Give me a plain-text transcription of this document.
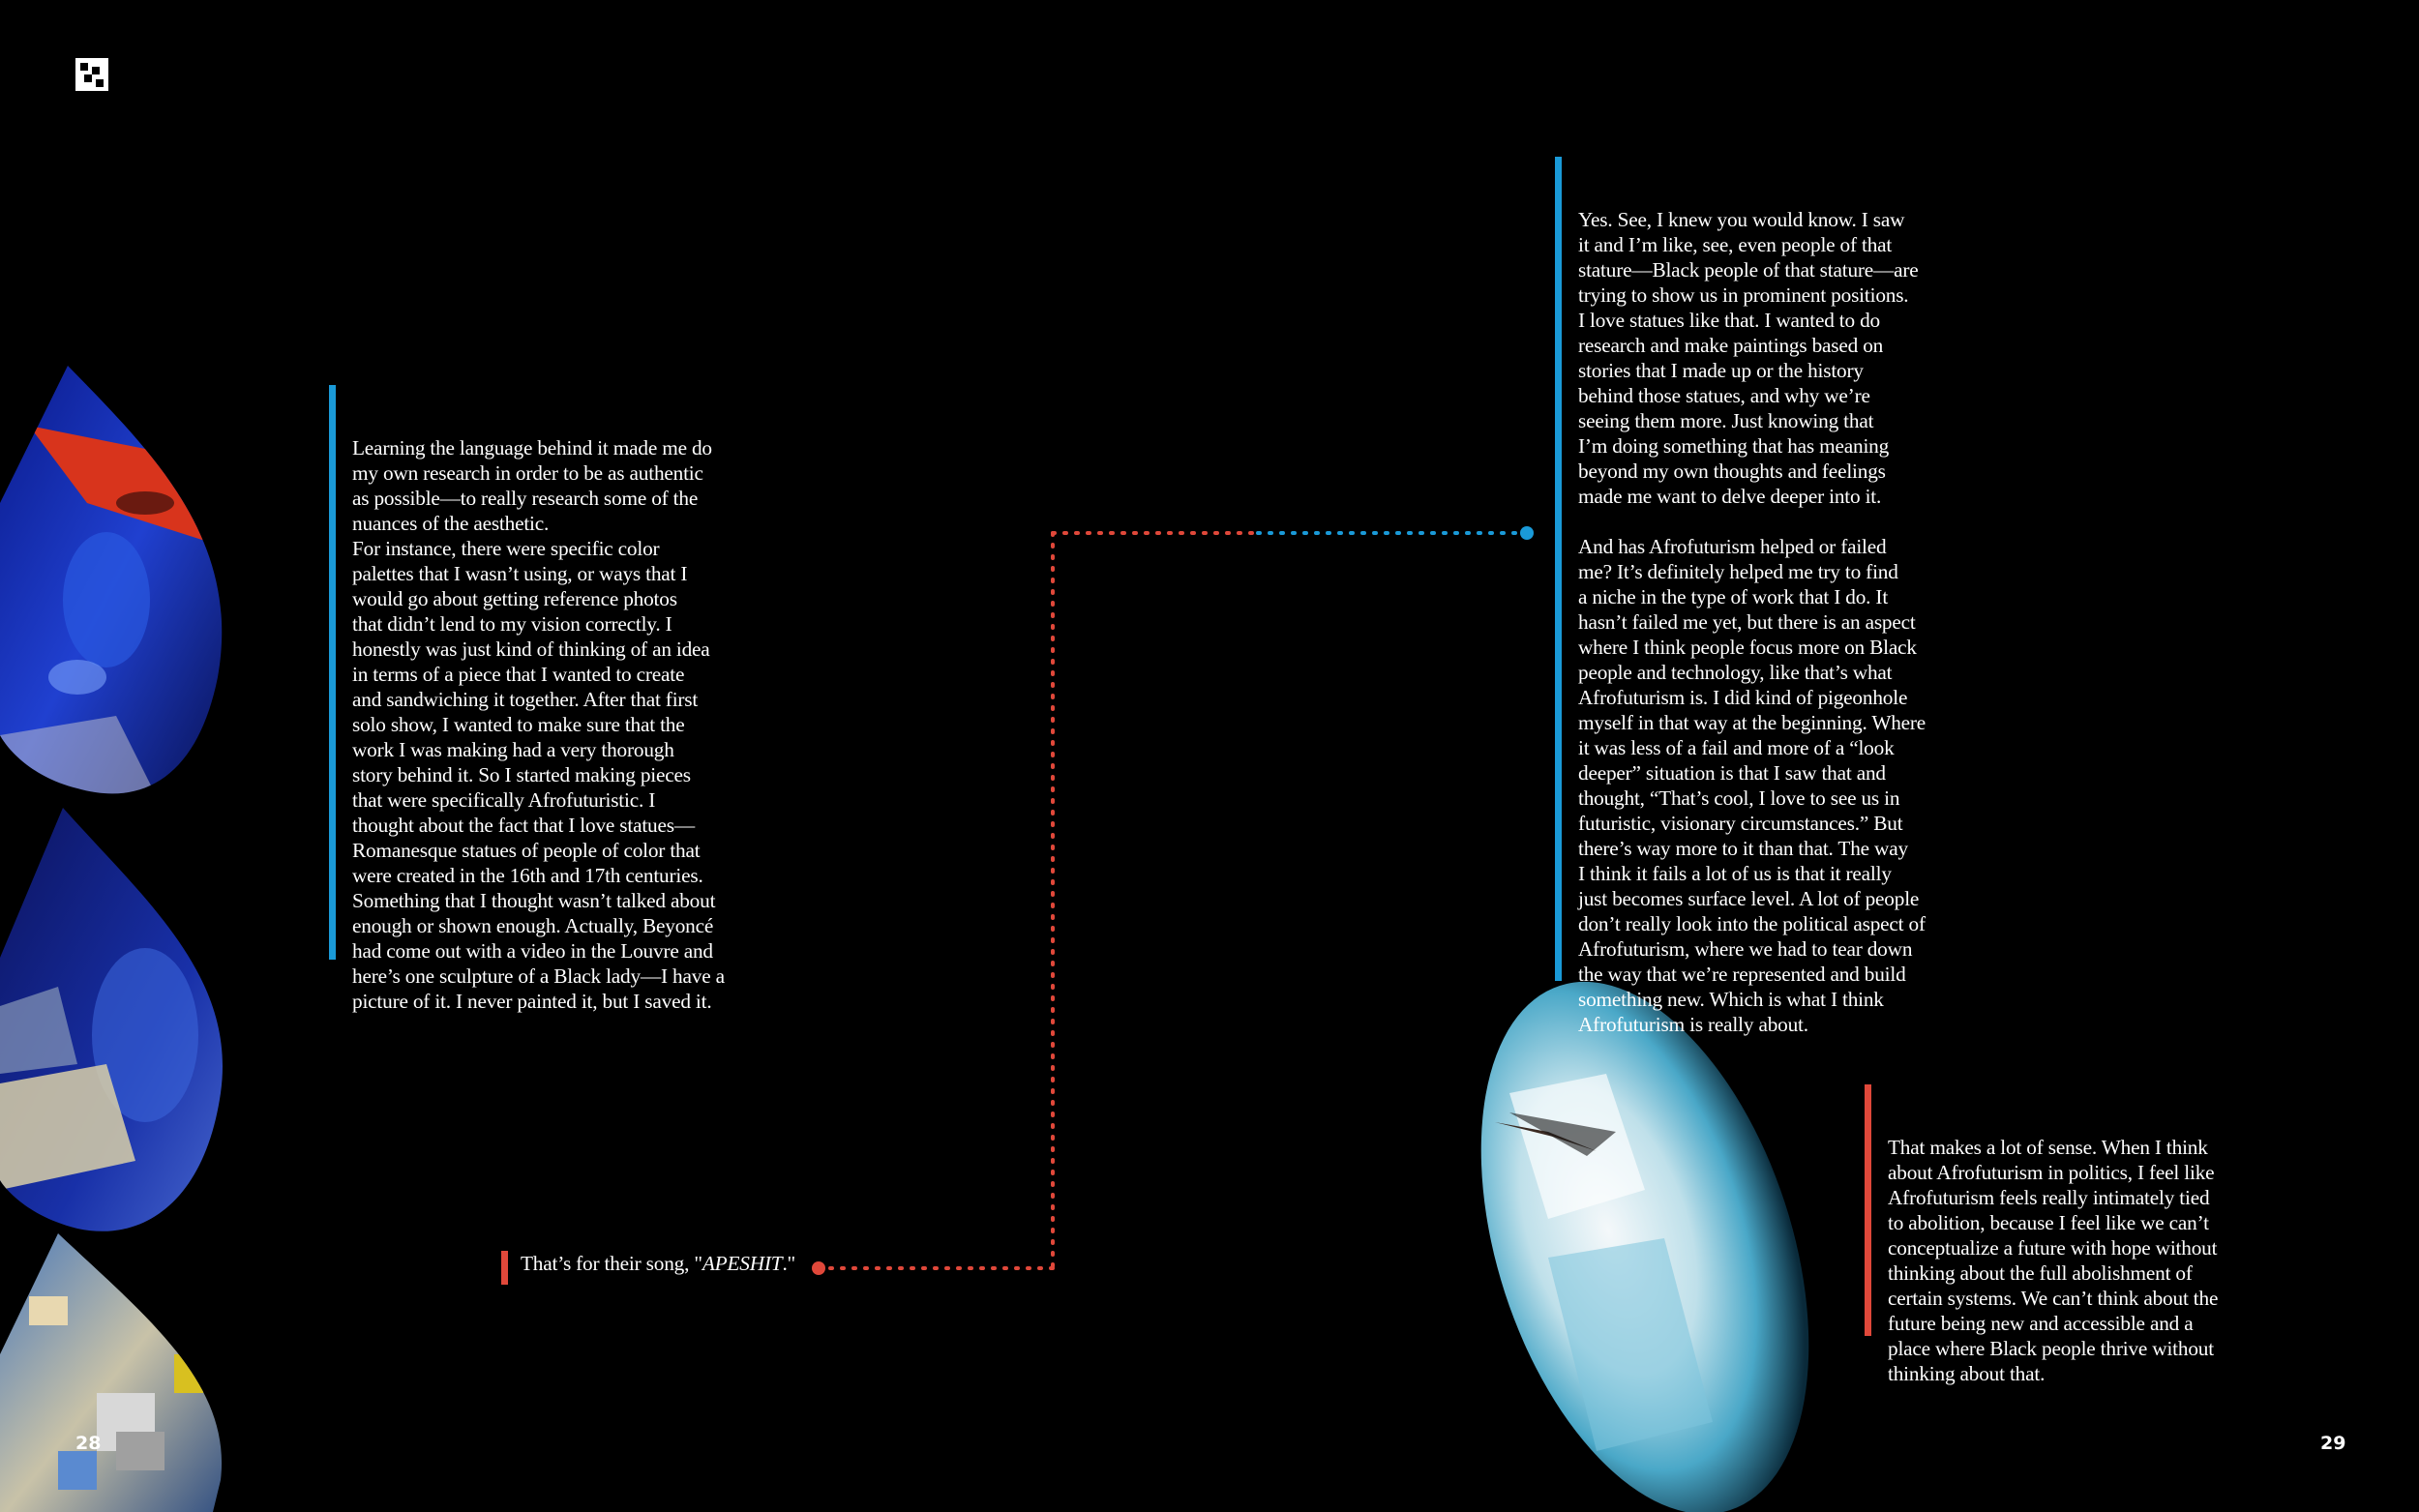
Learning the language behind it made me do
my own research in order to be as authentic
as possible—to really research some of the
nuances of the aesthetic.
For instance, there were specific color
palettes that I wasn’t using, or ways that I
would go about getting reference photos
that didn’t lend to my vision correctly. I
honestly was just kind of thinking of an idea
in terms of a piece that I wanted to create
and sandwiching it together. After that first
solo show, I wanted to make sure that the
work I was making had a very thorough
story behind it. So I started making pieces
that were specifically Afrofuturistic. I
thought about the fact that I love statues—
Romanesque statues of people of color that
were created in the 16th and 17th centuries.
Something that I thought wasn’t talked about
enough or shown enough. Actually, Beyoncé
had come out with a video in the Louvre and
here’s one sculpture of a Black lady—I have a
picture of it. I never painted it, but I saved it.

That’s for their song, "APESHIT."

Yes. See, I knew you would know. I saw
it and I’m like, see, even people of that
stature—Black people of that stature—are
trying to show us in prominent positions.
I love statues like that. I wanted to do
research and make paintings based on
stories that I made up or the history
behind those statues, and why we’re
seeing them more. Just knowing that
I’m doing something that has meaning
beyond my own thoughts and feelings
made me want to delve deeper into it.

And has Afrofuturism helped or failed
me? It’s definitely helped me try to find
a niche in the type of work that I do. It
hasn’t failed me yet, but there is an aspect
where I think people focus more on Black
people and technology, like that’s what
Afrofuturism is. I did kind of pigeonhole
myself in that way at the beginning. Where
it was less of a fail and more of a “look
deeper” situation is that I saw that and
thought, “That’s cool, I love to see us in
futuristic, visionary circumstances.” But
there’s way more to it than that. The way
I think it fails a lot of us is that it really
just becomes surface level. A lot of people
don’t really look into the political aspect of
Afrofuturism, where we had to tear down
the way that we’re represented and build
something new. Which is what I think
Afrofuturism is really about.

That makes a lot of sense. When I think
about Afrofuturism in politics, I feel like
Afrofuturism feels really intimately tied
to abolition, because I feel like we can’t
conceptualize a future with hope without
thinking about the full abolishment of
certain systems. We can’t think about the
future being new and accessible and a
place where Black people thrive without
thinking about that.

28	29
